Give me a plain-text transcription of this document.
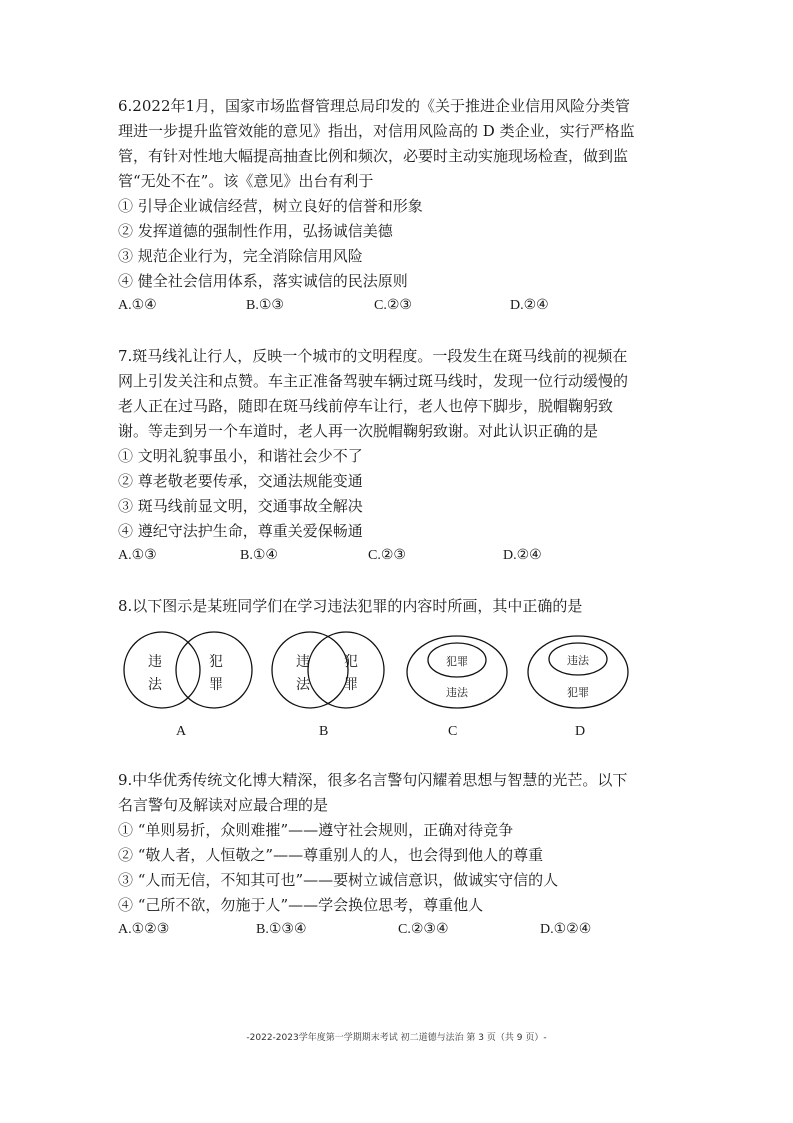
6.2022年1月，国家市场监督管理总局印发的《关于推进企业信用风险分类管
理进一步提升监管效能的意见》指出，对信用风险高的 D 类企业，实行严格监
管，有针对性地大幅提高抽查比例和频次，必要时主动实施现场检查，做到监
管“无处不在”。该《意见》出台有利于
① 引导企业诚信经营，树立良好的信誉和形象
② 发挥道德的强制性作用，弘扬诚信美德
③ 规范企业行为，完全消除信用风险
④ 健全社会信用体系，落实诚信的民法原则
A.①④	B.①③	C.②③	D.②④
7.斑马线礼让行人，反映一个城市的文明程度。一段发生在斑马线前的视频在
网上引发关注和点赞。车主正准备驾驶车辆过斑马线时，发现一位行动缓慢的
老人正在过马路，随即在斑马线前停车让行，老人也停下脚步，脱帽鞠躬致
谢。等走到另一个车道时，老人再一次脱帽鞠躬致谢。对此认识正确的是
① 文明礼貌事虽小，和谐社会少不了
② 尊老敬老要传承，交通法规能变通
③ 斑马线前显文明，交通事故全解决
④ 遵纪守法护生命，尊重关爱保畅通
A.①③	B.①④	C.②③	D.②④
8.以下图示是某班同学们在学习违法犯罪的内容时所画，其中正确的是
违
法
犯
罪
违
法
犯
罪
犯罪
违法
违法
犯罪
A	B	C	D
9.中华优秀传统文化博大精深，很多名言警句闪耀着思想与智慧的光芒。以下
名言警句及解读对应最合理的是
① “单则易折，众则难摧”——遵守社会规则，正确对待竞争
② “敬人者，人恒敬之”——尊重别人的人，也会得到他人的尊重
③ “人而无信，不知其可也”——要树立诚信意识，做诚实守信的人
④ “己所不欲，勿施于人”——学会换位思考，尊重他人
A.①②③	B.①③④	C.②③④	D.①②④
-2022-2023学年度第一学期期末考试 初二道德与法治 第 3 页（共 9 页）-
